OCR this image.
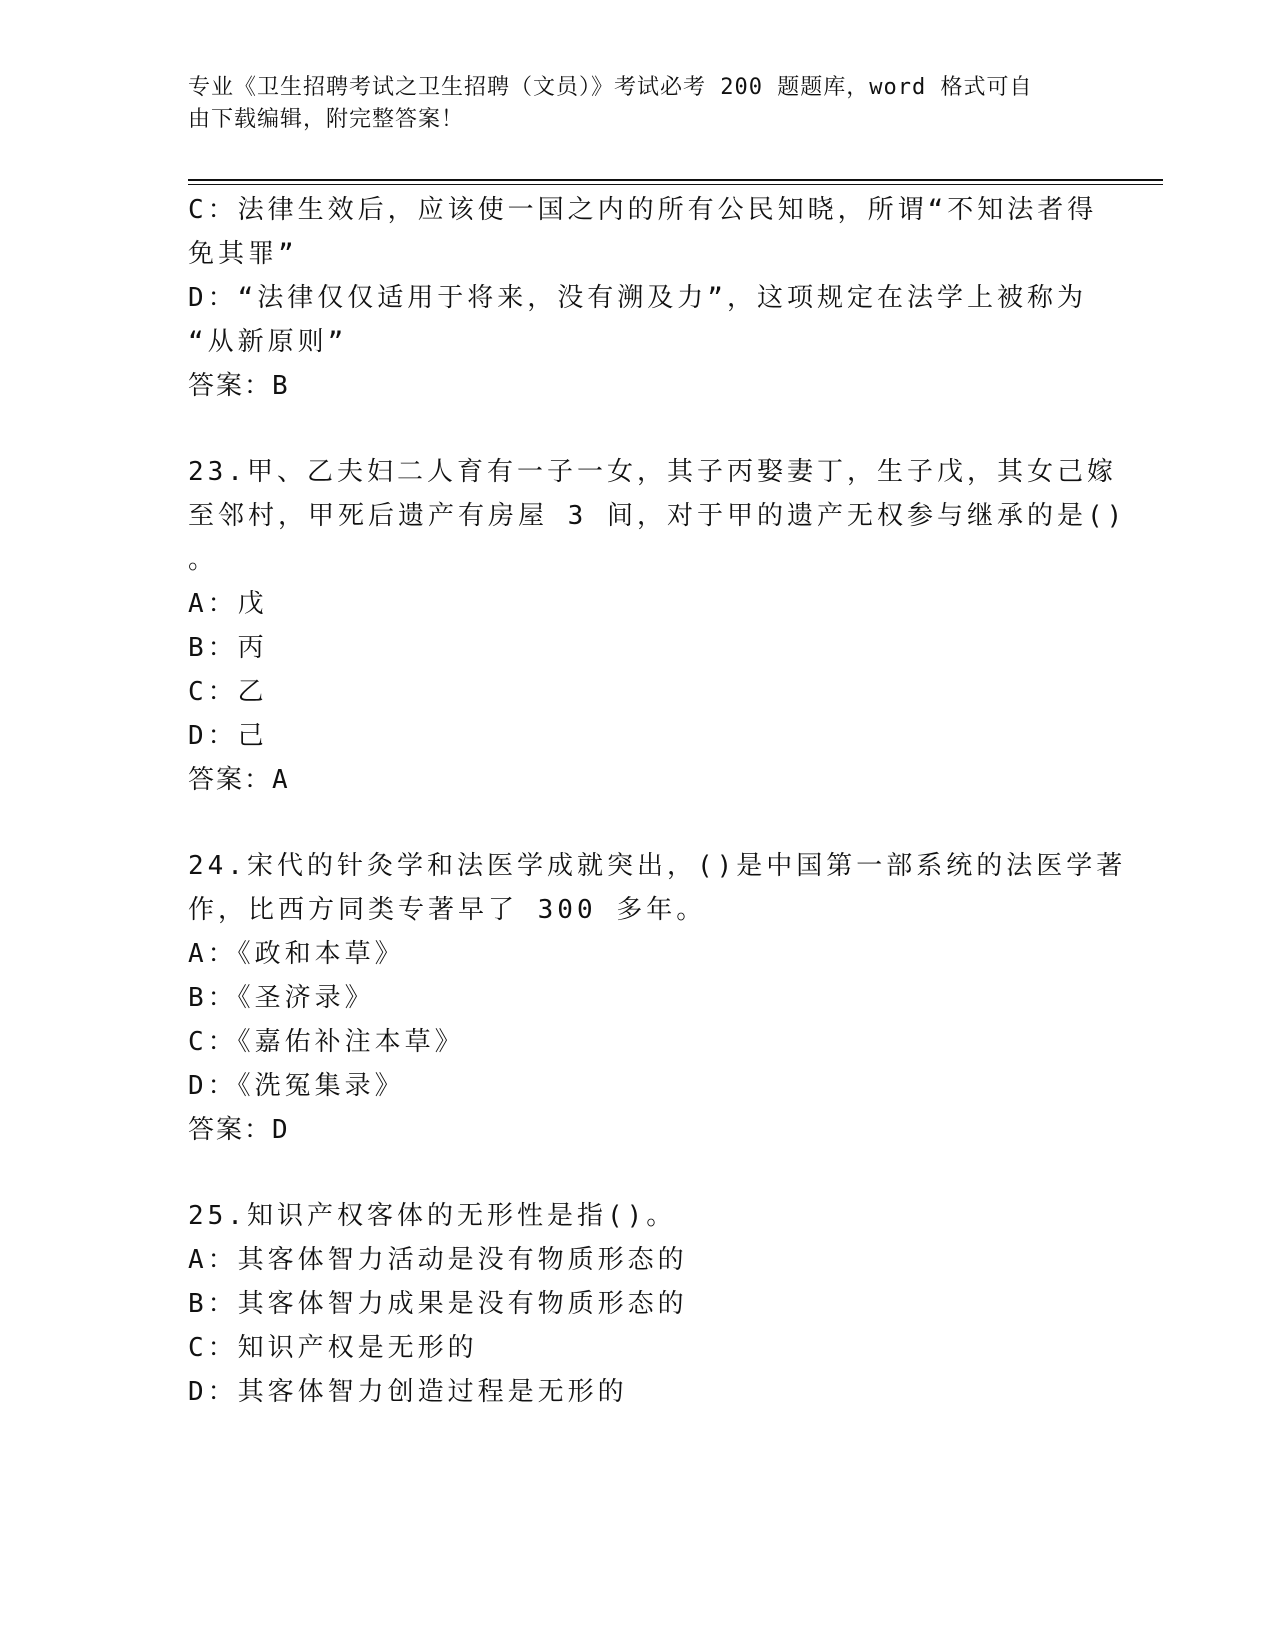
专业《卫生招聘考试之卫生招聘（文员）》考试必考 200 题题库，word 格式可自
由下载编辑，附完整答案！
C：法律生效后，应该使一国之内的所有公民知晓，所谓“不知法者得
免其罪”
D：“法律仅仅适用于将来，没有溯及力”，这项规定在法学上被称为
“从新原则”
答案：B
23.甲、乙夫妇二人育有一子一女，其子丙娶妻丁，生子戊，其女己嫁
至邻村，甲死后遗产有房屋 3 间，对于甲的遗产无权参与继承的是()
。
A：戊
B：丙
C：乙
D：己
答案：A
24.宋代的针灸学和法医学成就突出，()是中国第一部系统的法医学著
作，比西方同类专著早了 300 多年。
A：《政和本草》
B：《圣济录》
C：《嘉佑补注本草》
D：《洗冤集录》
答案：D
25.知识产权客体的无形性是指()。
A：其客体智力活动是没有物质形态的
B：其客体智力成果是没有物质形态的
C：知识产权是无形的
D：其客体智力创造过程是无形的
